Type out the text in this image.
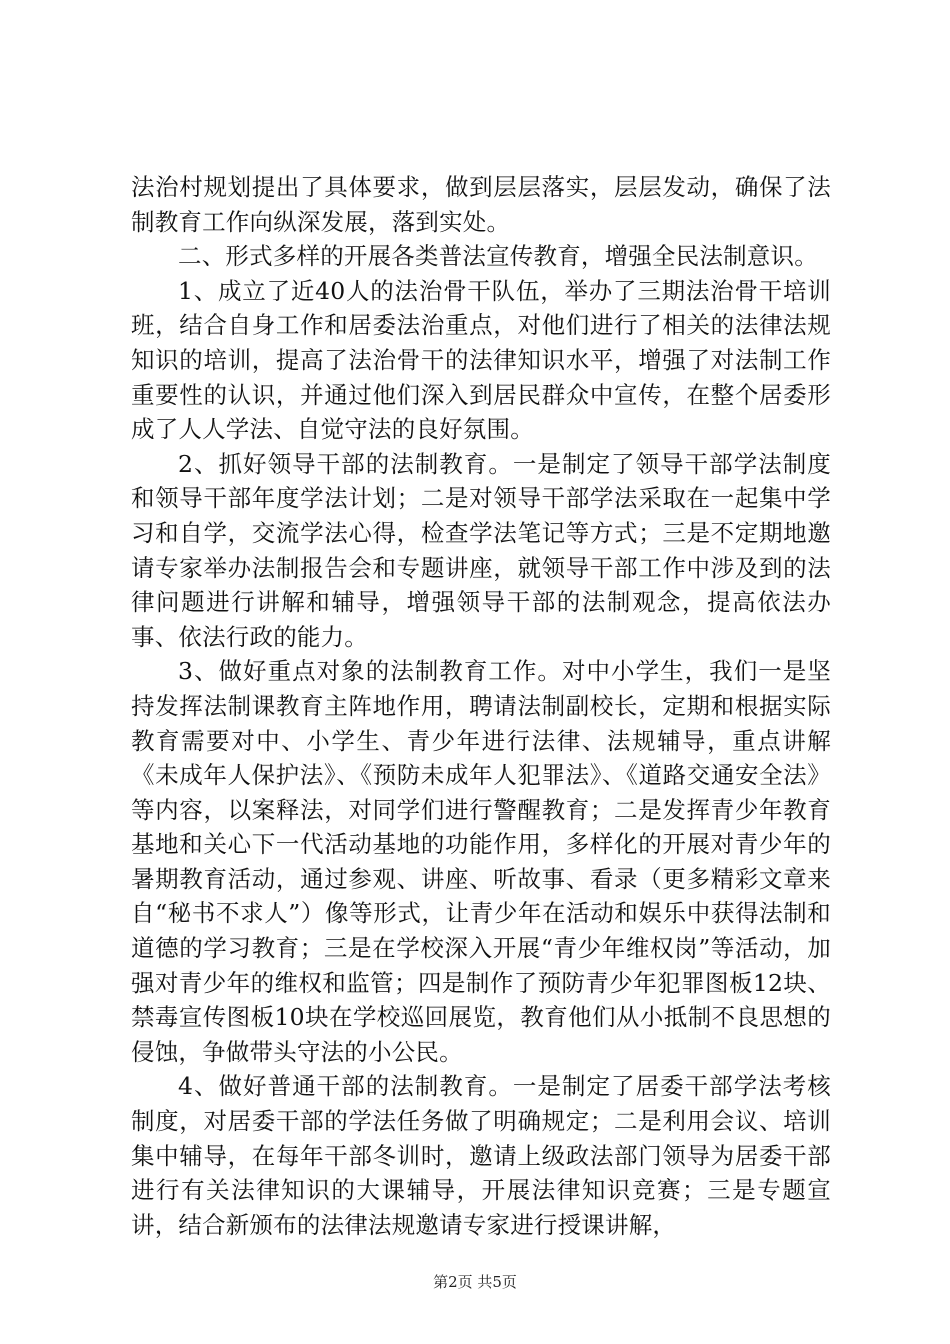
法治村规划提出了具体要求，做到层层落实，层层发动，确保了法制教育工作向纵深发展，落到实处。

二、形式多样的开展各类普法宣传教育，增强全民法制意识。

1、成立了近40人的法治骨干队伍，举办了三期法治骨干培训班，结合自身工作和居委法治重点，对他们进行了相关的法律法规知识的培训，提高了法治骨干的法律知识水平，增强了对法制工作重要性的认识，并通过他们深入到居民群众中宣传，在整个居委形成了人人学法、自觉守法的良好氛围。

2、抓好领导干部的法制教育。一是制定了领导干部学法制度和领导干部年度学法计划；二是对领导干部学法采取在一起集中学习和自学，交流学法心得，检查学法笔记等方式；三是不定期地邀请专家举办法制报告会和专题讲座，就领导干部工作中涉及到的法律问题进行讲解和辅导，增强领导干部的法制观念，提高依法办事、依法行政的能力。

3、做好重点对象的法制教育工作。对中小学生，我们一是坚持发挥法制课教育主阵地作用，聘请法制副校长，定期和根据实际教育需要对中、小学生、青少年进行法律、法规辅导，重点讲解《未成年人保护法》、《预防未成年人犯罪法》、《道路交通安全法》等内容，以案释法，对同学们进行警醒教育；二是发挥青少年教育基地和关心下一代活动基地的功能作用，多样化的开展对青少年的暑期教育活动，通过参观、讲座、听故事、看录（更多精彩文章来自“秘书不求人”）像等形式，让青少年在活动和娱乐中获得法制和道德的学习教育；三是在学校深入开展“青少年维权岗”等活动，加强对青少年的维权和监管；四是制作了预防青少年犯罪图板12块、禁毒宣传图板10块在学校巡回展览，教育他们从小抵制不良思想的侵蚀，争做带头守法的小公民。

4、做好普通干部的法制教育。一是制定了居委干部学法考核制度，对居委干部的学法任务做了明确规定；二是利用会议、培训集中辅导，在每年干部冬训时，邀请上级政法部门领导为居委干部进行有关法律知识的大课辅导，开展法律知识竞赛；三是专题宣讲，结合新颁布的法律法规邀请专家进行授课讲解，

第2页 共5页
